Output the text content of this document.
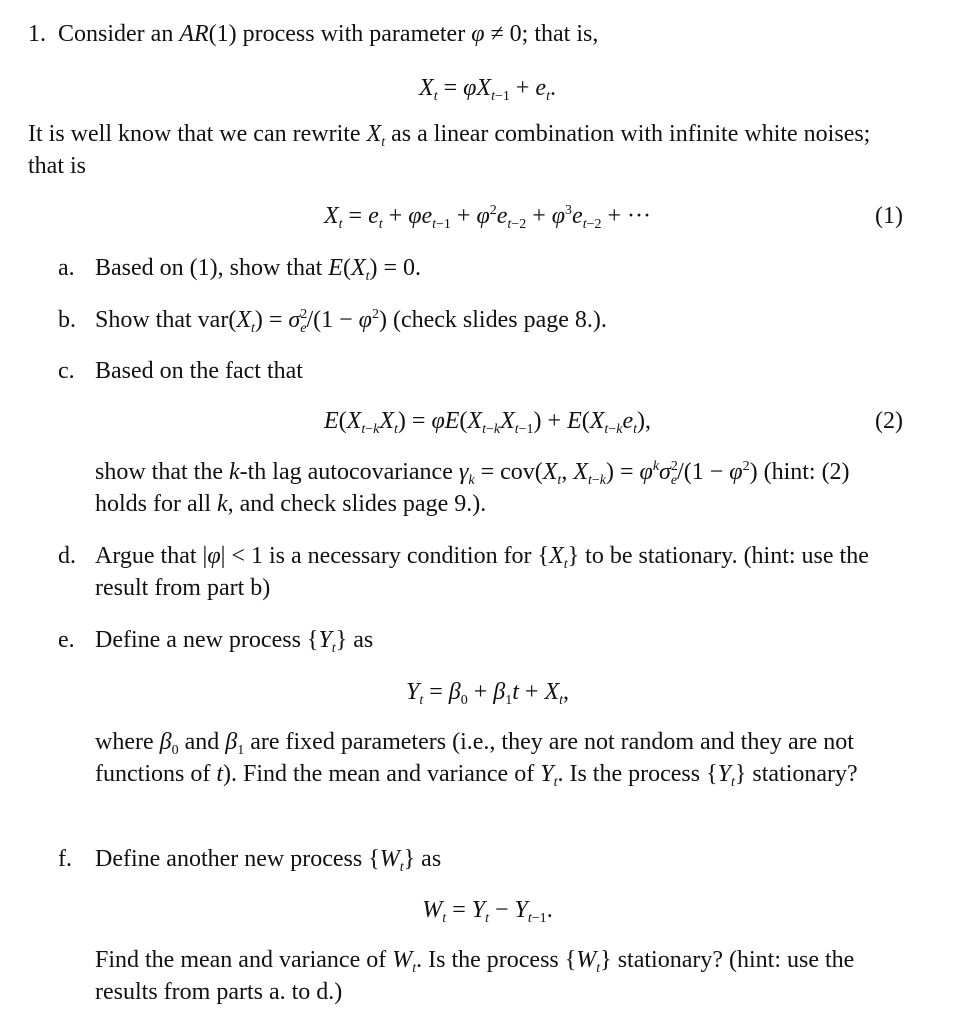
1.  Consider an AR(1) process with parameter φ ≠ 0; that is,
$X_t = \varphi X_{t-1} + e_t$.
It is well know that we can rewrite $X_t$ as a linear combination with infinite white noises; that is
$X_t = e_t + \varphi e_{t-1} + \varphi^2e_{t-2} + \varphi^3e_{t-2}$ + ···	(1)
a. Based on (1), show that $E(X_t) = 0$.
b. Show that $var(X_t) = \sigma^2_e/(1 - \varphi^2)$ (check slides page 8.).
c. Based on the fact that
$E(X_{t-k}X_t) = \varphi E(X_{t-k}X_{t-1}) + E(X_{t-k}e_t)$,	(2)
show that the k-th lag autocovariance $\gamma_k = cov(X_t$, $X_{t-k}) = \varphi^k\sigma^2_e/(1 - \varphi^2)$ (hint: (2) holds for all k, and check slides page 9.).
d. Argue that |φ| < 1 is a necessary condition for $\{X_t\}$ to be stationary. (hint: use the result from part b)
e. Define a new process $\{Y_t\}$ as
$Y_t = \beta_0 + \beta_1t + X_t$,
where $\beta_0$ and $\beta_1$ are fixed parameters (i.e., they are not random and they are not functions of t). Find the mean and variance of $Y_t$. Is the process $\{Y_t\}$ stationary?
f. Define another new process $\{W_t\}$ as
$W_t = Y_t - Y_{t-1}$.
Find the mean and variance of $W_t$. Is the process $\{W_t\}$ stationary? (hint: use the results from parts a. to d.)
